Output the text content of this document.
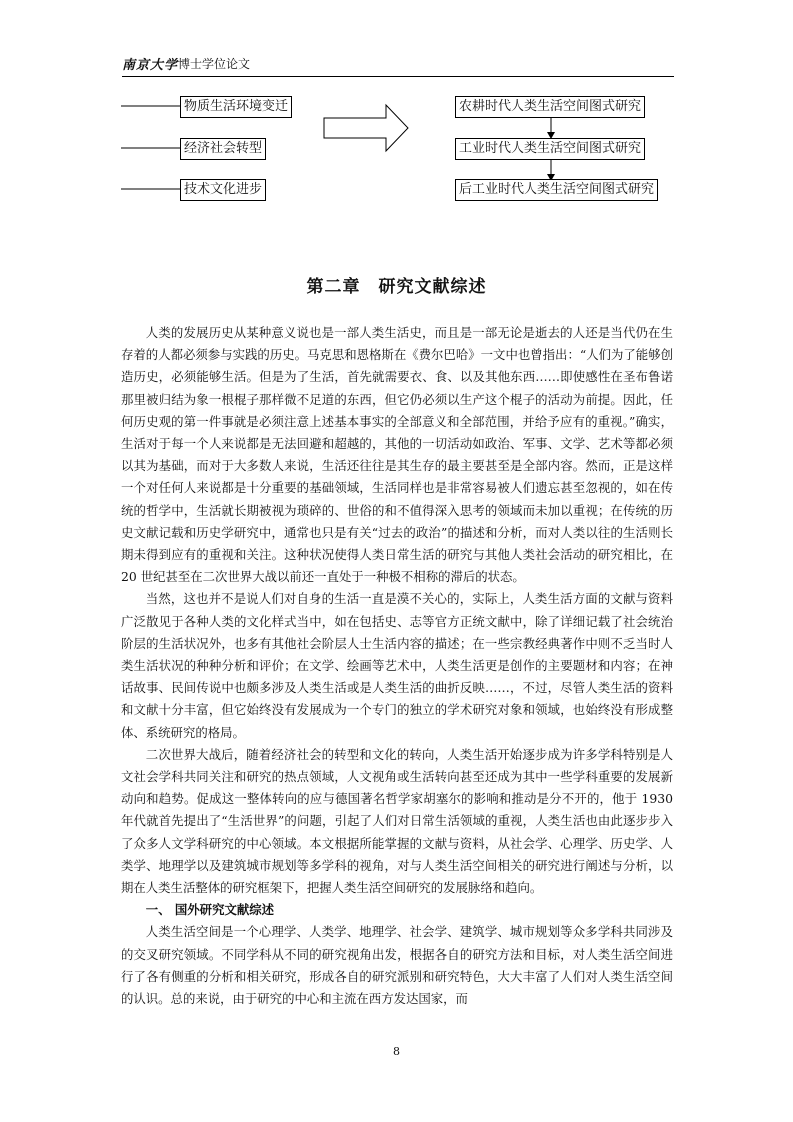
南京大学 博士学位论文
物质生活环境变迁
经济社会转型
技术文化进步
农耕时代人类生活空间图式研究
工业时代人类生活空间图式研究
后工业时代人类生活空间图式研究
第二章　研究文献综述

人类的发展历史从某种意义说也是一部人类生活史，而且是一部无论是逝去的人还是当代仍在生存着的人都必须参与实践的历史。马克思和恩格斯在《费尔巴哈》一文中也曾指出：“人们为了能够创造历史，必须能够生活。但是为了生活，首先就需要衣、食、以及其他东西……即使感性在圣布鲁诺那里被归结为象一根棍子那样微不足道的东西，但它仍必须以生产这个棍子的活动为前提。因此，任何历史观的第一件事就是必须注意上述基本事实的全部意义和全部范围，并给予应有的重视。”确实，生活对于每一个人来说都是无法回避和超越的，其他的一切活动如政治、军事、文学、艺术等都必须以其为基础，而对于大多数人来说，生活还往往是其生存的最主要甚至是全部内容。然而，正是这样一个对任何人来说都是十分重要的基础领域，生活同样也是非常容易被人们遗忘甚至忽视的，如在传统的哲学中，生活就长期被视为琐碎的、世俗的和不值得深入思考的领域而未加以重视；在传统的历史文献记载和历史学研究中，通常也只是有关“过去的政治”的描述和分析，而对人类以往的生活则长期未得到应有的重视和关注。这种状况使得人类日常生活的研究与其他人类社会活动的研究相比，在 20 世纪甚至在二次世界大战以前还一直处于一种极不相称的滞后的状态。

当然，这也并不是说人们对自身的生活一直是漠不关心的，实际上，人类生活方面的文献与资料广泛散见于各种人类的文化样式当中，如在包括史、志等官方正统文献中，除了详细记载了社会统治阶层的生活状况外，也多有其他社会阶层人士生活内容的描述；在一些宗教经典著作中则不乏当时人类生活状况的种种分析和评价；在文学、绘画等艺术中，人类生活更是创作的主要题材和内容；在神话故事、民间传说中也颇多涉及人类生活或是人类生活的曲折反映……，不过，尽管人类生活的资料和文献十分丰富，但它始终没有发展成为一个专门的独立的学术研究对象和领域，也始终没有形成整体、系统研究的格局。

二次世界大战后，随着经济社会的转型和文化的转向，人类生活开始逐步成为许多学科特别是人文社会学科共同关注和研究的热点领域，人文视角或生活转向甚至还成为其中一些学科重要的发展新动向和趋势。促成这一整体转向的应与德国著名哲学家胡塞尔的影响和推动是分不开的，他于 1930 年代就首先提出了“生活世界”的问题，引起了人们对日常生活领域的重视，人类生活也由此逐步步入了众多人文学科研究的中心领域。本文根据所能掌握的文献与资料，从社会学、心理学、历史学、人类学、地理学以及建筑城市规划等多学科的视角，对与人类生活空间相关的研究进行阐述与分析，以期在人类生活整体的研究框架下，把握人类生活空间研究的发展脉络和趋向。

一、 国外研究文献综述

人类生活空间是一个心理学、人类学、地理学、社会学、建筑学、城市规划等众多学科共同涉及的交叉研究领域。不同学科从不同的研究视角出发，根据各自的研究方法和目标，对人类生活空间进行了各有侧重的分析和相关研究，形成各自的研究派别和研究特色，大大丰富了人们对人类生活空间的认识。总的来说，由于研究的中心和主流在西方发达国家，而

8
